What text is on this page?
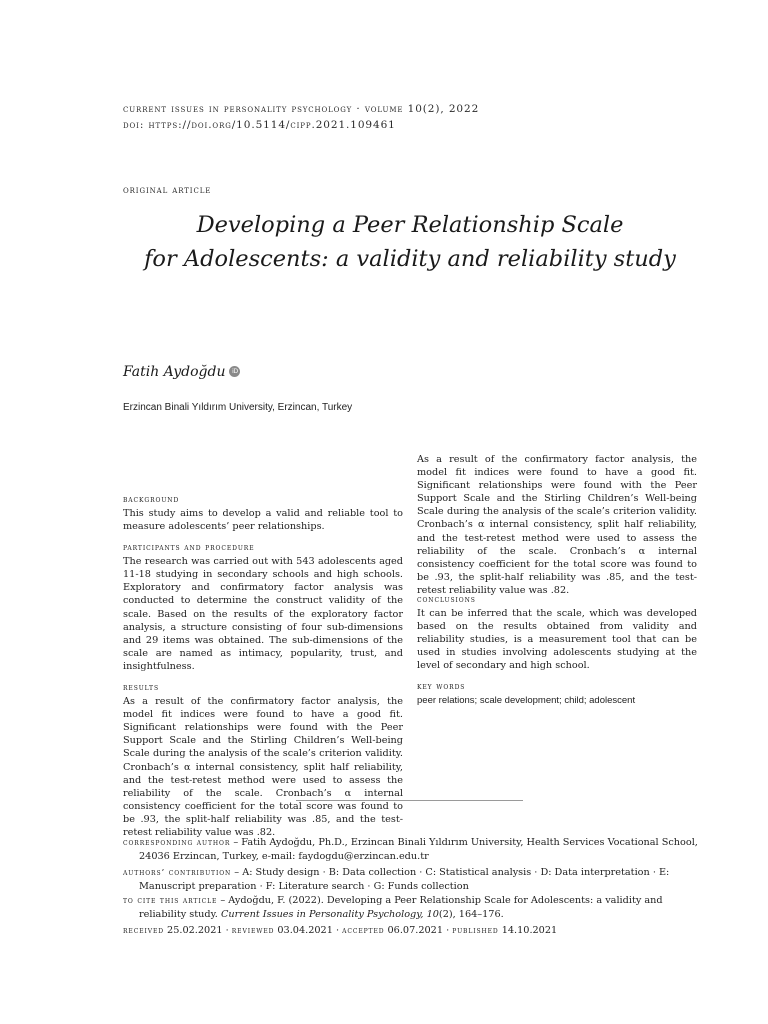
current issues in personality psychology · volume 10(2), 2022
doi: https://doi.org/10.5114/cipp.2021.109461
original article
Developing a Peer Relationship Scale
for Adolescents: a validity and reliability study
Fatih Aydoğdu iD
Erzincan Binali Yıldırım University, Erzincan, Turkey
background
This study aims to develop a valid and reliable tool to measure adolescents’ peer relationships.
participants and procedure
The research was carried out with 543 adolescents aged 11-18 studying in secondary schools and high schools. Exploratory and confirmatory factor analysis was conducted to determine the construct validity of the scale. Based on the results of the exploratory factor analysis, a structure consisting of four sub-dimensions and 29 items was obtained. The sub-dimensions of the scale are named as intimacy, popularity, trust, and insightfulness.
results
As a result of the confirmatory factor analysis, the model fit indices were found to have a good fit. Significant relationships were found with the Peer Support Scale and the Stirling Children’s Well-being Scale during the analysis of the scale’s criterion validity. Cronbach’s α internal consistency, split half reliability, and the test-retest method were used to assess the reliability of the scale. Cronbach’s α internal consistency coefficient for the total score was found to be .93, the split-half reliability was .85, and the test-retest reliability value was .82.
As a result of the confirmatory factor analysis, the model fit indices were found to have a good fit. Significant relationships were found with the Peer Support Scale and the Stirling Children’s Well-being Scale during the analysis of the scale’s criterion validity. Cronbach’s α internal consistency, split half reliability, and the test-retest method were used to assess the reliability of the scale. Cronbach’s α internal consistency coefficient for the total score was found to be .93, the split-half reliability was .85, and the test-retest reliability value was .82.
conclusions
It can be inferred that the scale, which was developed based on the results obtained from validity and reliability studies, is a measurement tool that can be used in studies involving adolescents studying at the level of secondary and high school.
key words
peer relations; scale development; child; adolescent

corresponding author – Fatih Aydoğdu, Ph.D., Erzincan Binali Yıldırım University, Health Services Vocational School, 24036 Erzincan, Turkey, e-mail: faydogdu@erzincan.edu.tr

authors’ contribution – A: Study design · B: Data collection · C: Statistical analysis · D: Data interpretation · E: Manuscript preparation · F: Literature search · G: Funds collection

to cite this article – Aydoğdu, F. (2022). Developing a Peer Relationship Scale for Adolescents: a validity and reliability study. Current Issues in Personality Psychology, 10(2), 164–176.

received 25.02.2021 · reviewed 03.04.2021 · accepted 06.07.2021 · published 14.10.2021
